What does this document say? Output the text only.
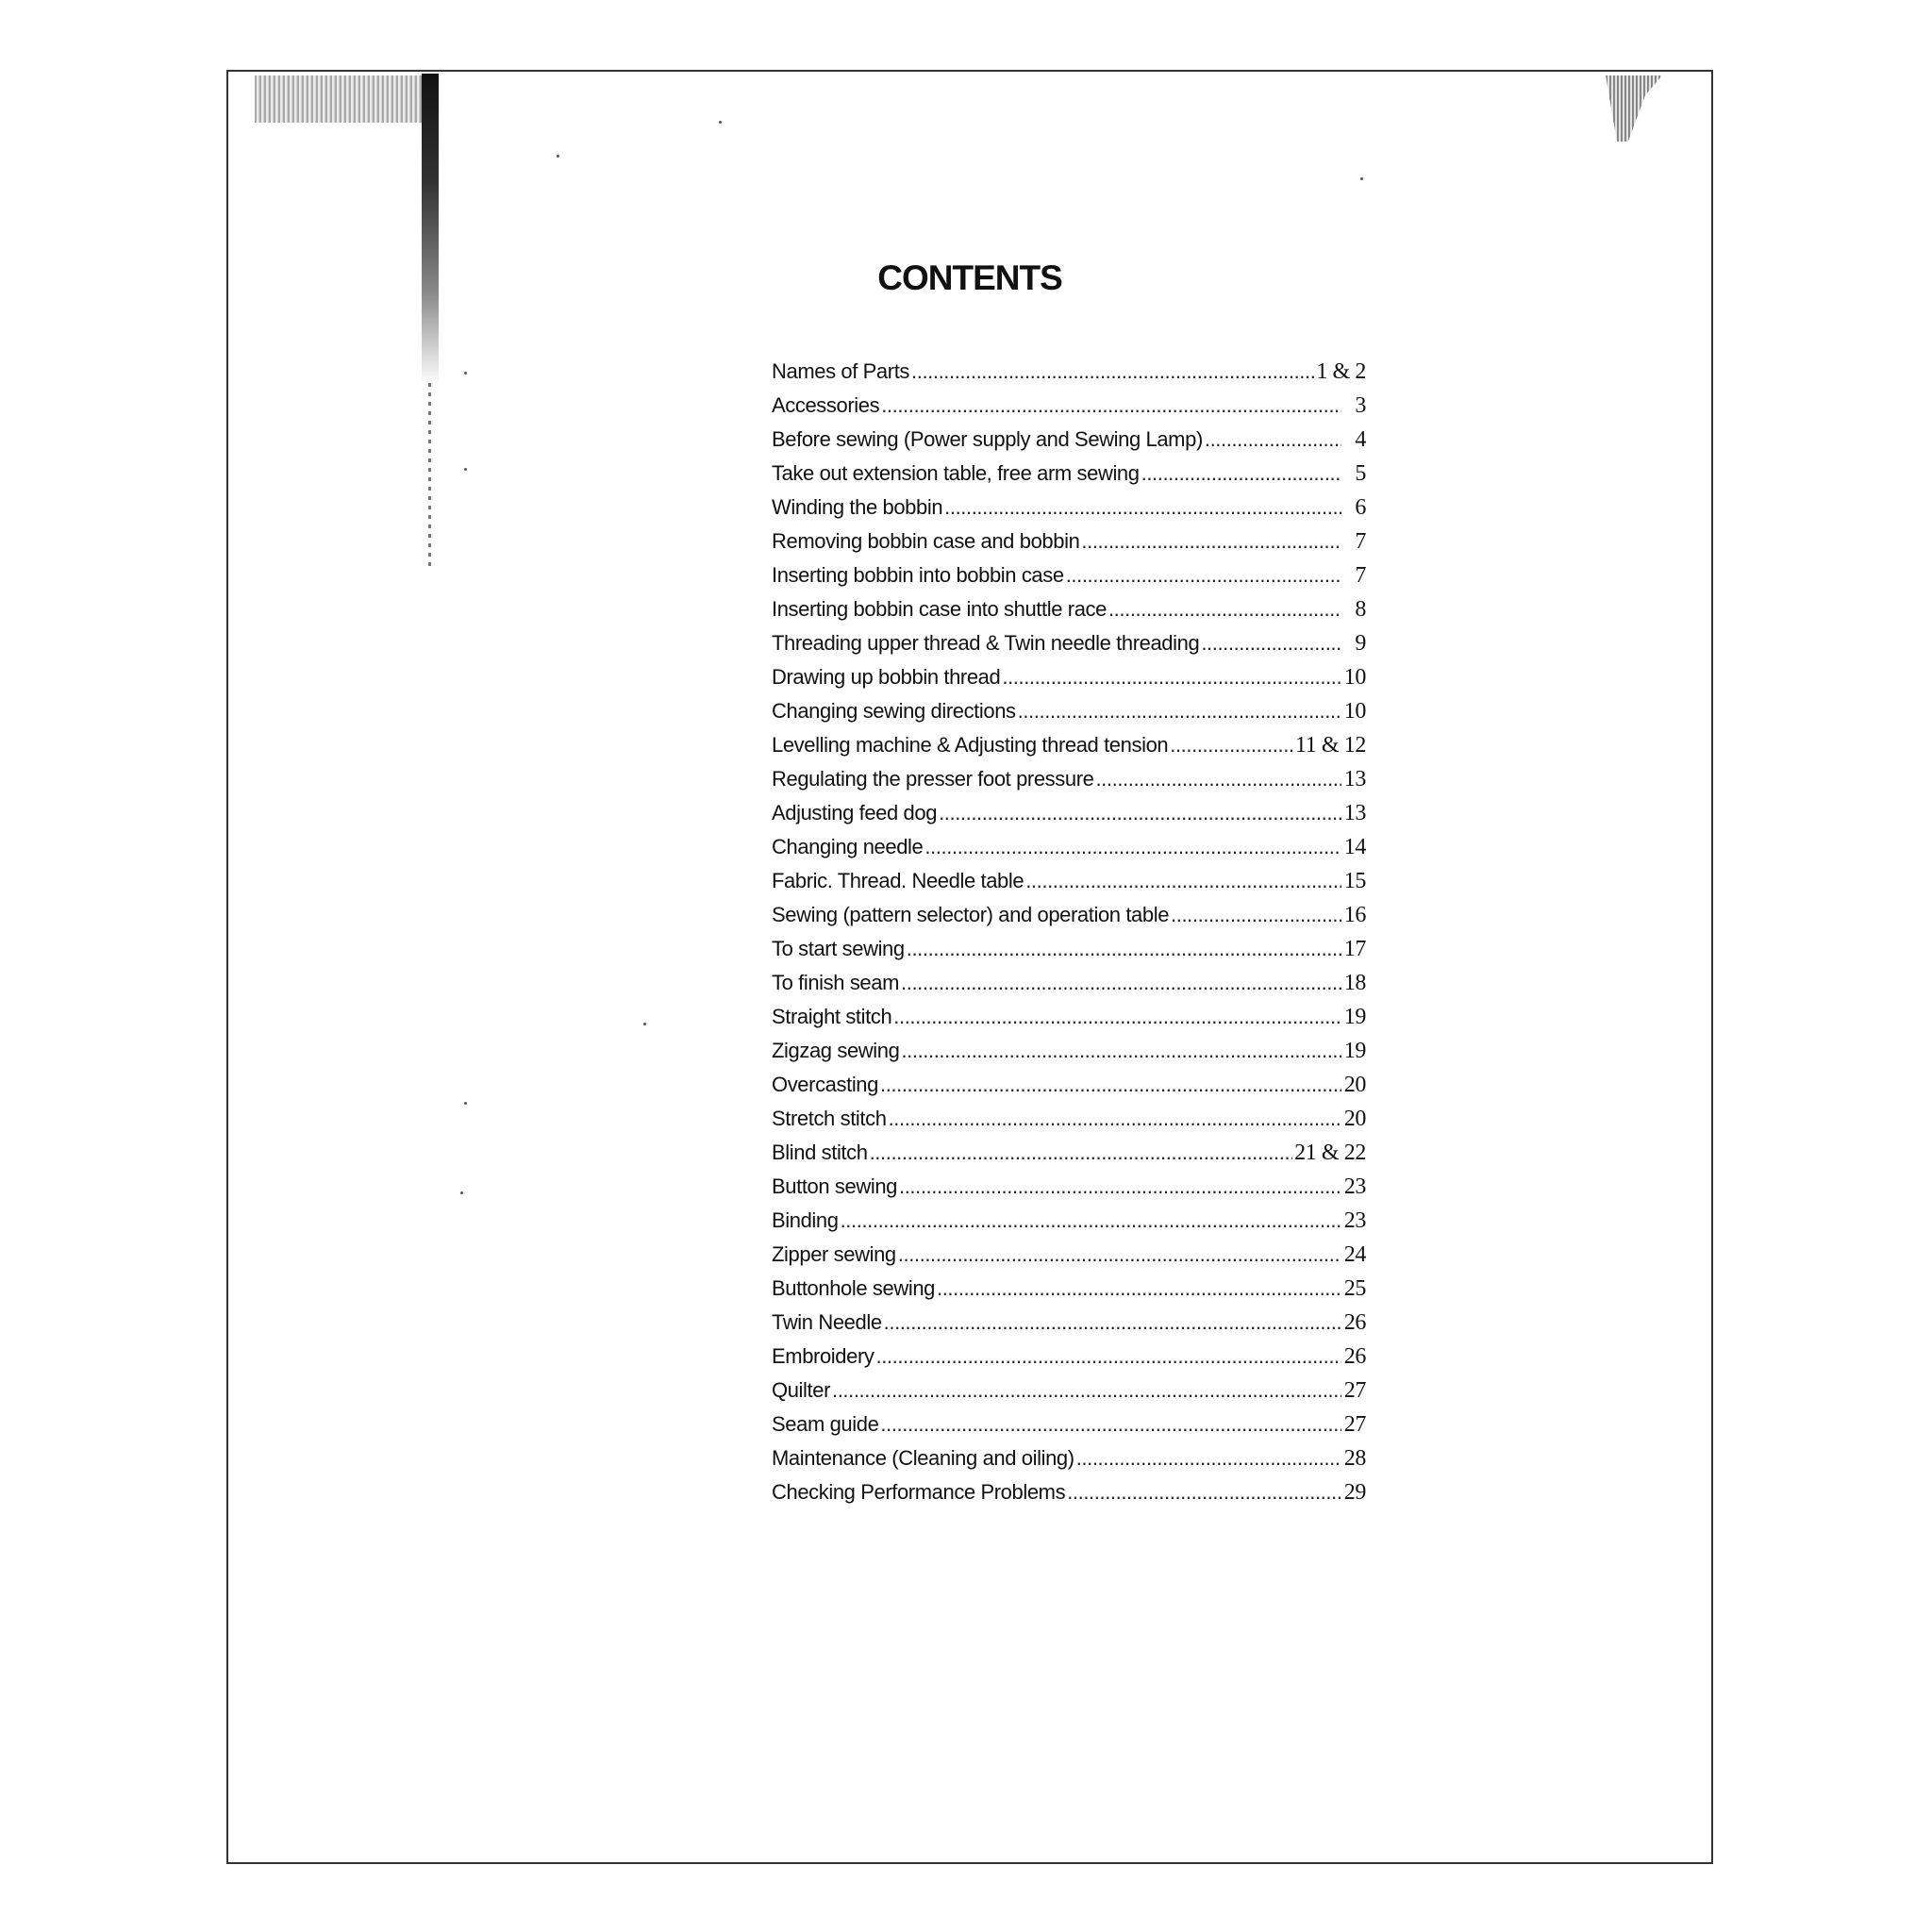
CONTENTS
Names of Parts .....	1 & 2
Accessories .....	3
Before sewing (Power supply and Sewing Lamp) .....	4
Take out extension table, free arm sewing .....	5
Winding the bobbin .....	6
Removing bobbin case and bobbin .....	7
Inserting bobbin into bobbin case .....	7
Inserting bobbin case into shuttle race .....	8
Threading upper thread & Twin needle threading .....	9
Drawing up bobbin thread .....	10
Changing sewing directions .....	10
Levelling machine & Adjusting thread tension .....	11 & 12
Regulating the presser foot pressure .....	13
Adjusting feed dog .....	13
Changing needle .....	14
Fabric. Thread. Needle table .....	15
Sewing (pattern selector) and operation table .....	16
To start sewing .....	17
To finish seam .....	18
Straight stitch .....	19
Zigzag sewing .....	19
Overcasting .....	20
Stretch stitch .....	20
Blind stitch .....	21 & 22
Button sewing .....	23
Binding .....	23
Zipper sewing .....	24
Buttonhole sewing .....	25
Twin Needle .....	26
Embroidery .....	26
Quilter .....	27
Seam guide .....	27
Maintenance (Cleaning and oiling) .....	28
Checking Performance Problems .....	29
